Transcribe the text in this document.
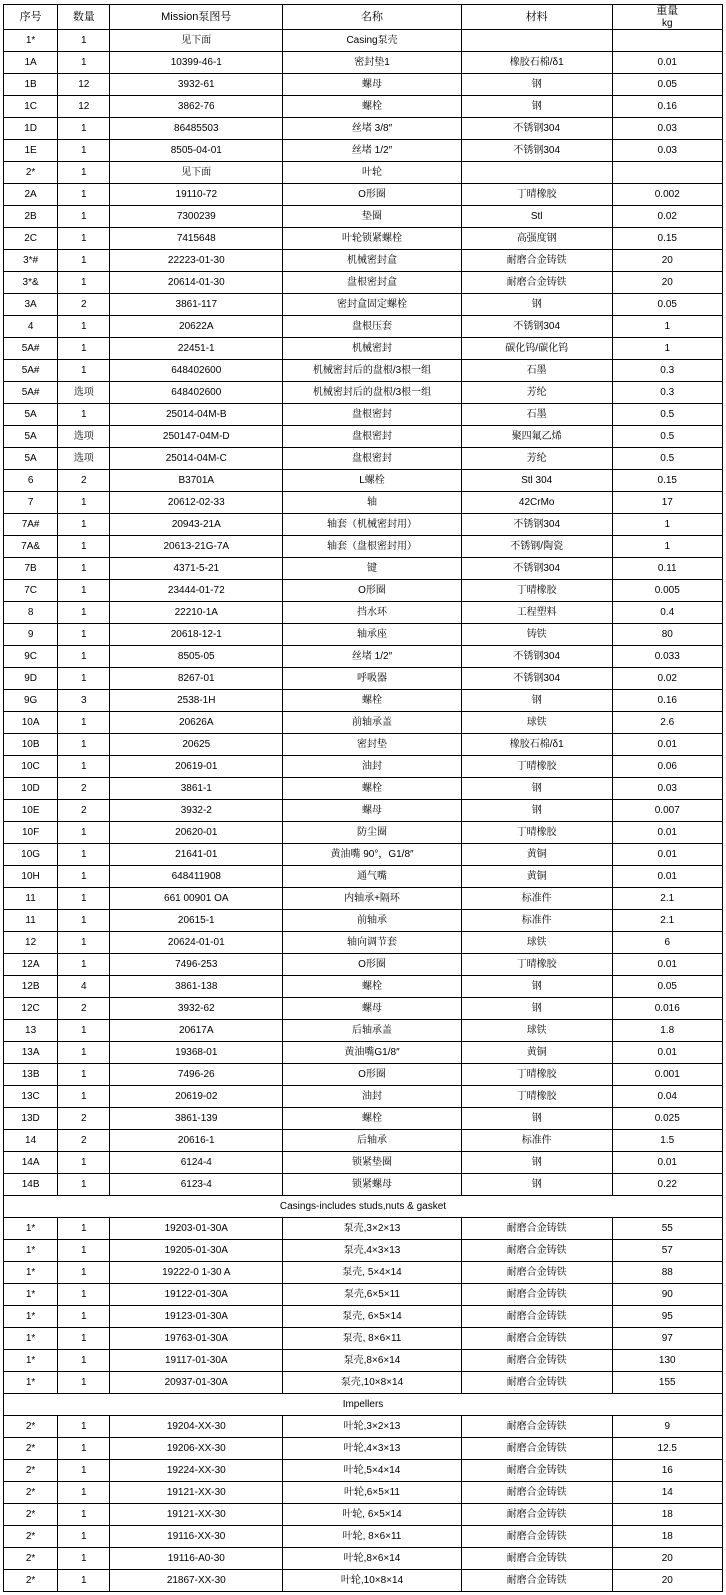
序号	数量	Mission泵图号	名称	材料	重量
kg

1*	1	见下面	Casing泵壳		
1A	1	10399-46-1	密封垫1	橡胶石棉/δ1	0.01
1B	12	3932-61	螺母	钢	0.05
1C	12	3862-76	螺栓	钢	0.16
1D	1	86485503	丝堵 3/8″	不锈钢304	0.03
1E	1	8505-04-01	丝堵 1/2″	不锈钢304	0.03
2*	1	见下面	叶轮		
2A	1	19110-72	O形圈	丁晴橡胶	0.002
2B	1	7300239	垫圈	Stl	0.02
2C	1	7415648	叶轮锁紧螺栓	高强度钢	0.15
3*#	1	22223-01-30	机械密封盒	耐磨合金铸铁	20
3*&	1	20614-01-30	盘根密封盒	耐磨合金铸铁	20
3A	2	3861-117	密封盒固定螺栓	钢	0.05
4	1	20622A	盘根压套	不锈钢304	1
5A#	1	22451-1	机械密封	碳化钨/碳化钨	1
5A#	1	648402600	机械密封后的盘根/3根一组	石墨	0.3
5A#	选项	648402600	机械密封后的盘根/3根一组	芳纶	0.3
5A	1	25014-04M-B	盘根密封	石墨	0.5
5A	选项	250147-04M-D	盘根密封	聚四氟乙烯	0.5
5A	选项	25014-04M-C	盘根密封	芳纶	0.5
6	2	B3701A	L螺栓	Stl 304	0.15
7	1	20612-02-33	轴	42CrMo	17
7A#	1	20943-21A	轴套（机械密封用）	不锈钢304	1
7A&	1	20613-21G-7A	轴套（盘根密封用）	不锈钢/陶瓷	1
7B	1	4371-5-21	键	不锈钢304	0.11
7C	1	23444-01-72	O形圈	丁晴橡胶	0.005
8	1	22210-1A	挡水环	工程塑料	0.4
9	1	20618-12-1	轴承座	铸铁	80
9C	1	8505-05	丝堵 1/2″	不锈钢304	0.033
9D	1	8267-01	呼吸器	不锈钢304	0.02
9G	3	2538-1H	螺栓	钢	0.16
10A	1	20626A	前轴承盖	球铁	2.6
10B	1	20625	密封垫	橡胶石棉/δ1	0.01
10C	1	20619-01	油封	丁晴橡胶	0.06
10D	2	3861-1	螺栓	钢	0.03
10E	2	3932-2	螺母	钢	0.007
10F	1	20620-01	防尘圈	丁晴橡胶	0.01
10G	1	21641-01	黄油嘴 90°，G1/8″	黄铜	0.01
10H	1	648411908	通气嘴	黄铜	0.01
11	1	661 00901 OA	内轴承+隔环	标准件	2.1
11	1	20615-1	前轴承	标准件	2.1
12	1	20624-01-01	轴向调节套	球铁	6
12A	1	7496-253	O形圈	丁晴橡胶	0.01
12B	4	3861-138	螺栓	钢	0.05
12C	2	3932-62	螺母	钢	0.016
13	1	20617A	后轴承盖	球铁	1.8
13A	1	19368-01	黄油嘴G1/8″	黄铜	0.01
13B	1	7496-26	O形圈	丁晴橡胶	0.001
13C	1	20619-02	油封	丁晴橡胶	0.04
13D	2	3861-139	螺栓	钢	0.025
14	2	20616-1	后轴承	标准件	1.5
14A	1	6124-4	锁紧垫圈	钢	0.01
14B	1	6123-4	锁紧螺母	钢	0.22
Casings-includes studs,nuts & gasket					
1*	1	19203-01-30A	泵壳,3×2×13	耐磨合金铸铁	55
1*	1	19205-01-30A	泵壳,4×3×13	耐磨合金铸铁	57
1*	1	19222-0 1-30 A	泵壳, 5×4×14	耐磨合金铸铁	88
1*	1	19122-01-30A	泵壳,6×5×11	耐磨合金铸铁	90
1*	1	19123-01-30A	泵壳, 6×5×14	耐磨合金铸铁	95
1*	1	19763-01-30A	泵壳, 8×6×11	耐磨合金铸铁	97
1*	1	19117-01-30A	泵壳,8×6×14	耐磨合金铸铁	130
1*	1	20937-01-30A	泵壳,10×8×14	耐磨合金铸铁	155
Impellers					
2*	1	19204-XX-30	叶轮,3×2×13	耐磨合金铸铁	9
2*	1	19206-XX-30	叶轮,4×3×13	耐磨合金铸铁	12.5
2*	1	19224-XX-30	叶轮,5×4×14	耐磨合金铸铁	16
2*	1	19121-XX-30	叶轮,6×5×11	耐磨合金铸铁	14
2*	1	19121-XX-30	叶轮, 6×5×14	耐磨合金铸铁	18
2*	1	19116-XX-30	叶轮, 8×6×11	耐磨合金铸铁	18
2*	1	19116-A0-30	叶轮,8×6×14	耐磨合金铸铁	20
2*	1	21867-XX-30	叶轮,10×8×14	耐磨合金铸铁	20
